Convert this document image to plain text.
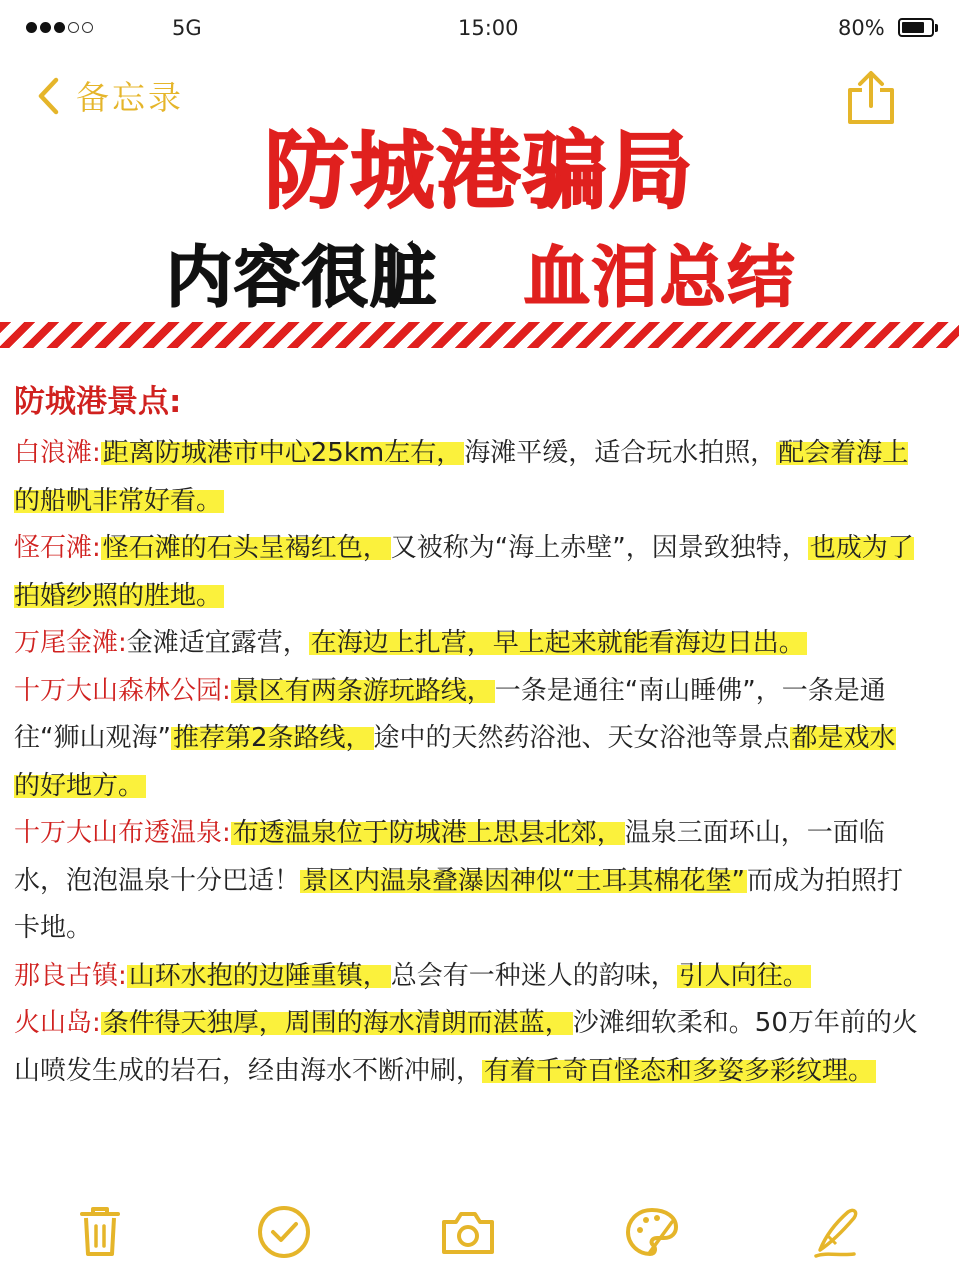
5G	15:00	80%
备忘录
防城港骗局
内容很脏 血泪总结
防城港景点:

白浪滩:距离防城港市中心25km左右，海滩平缓，适合玩水拍照，配会着海上的船帆非常好看。

怪石滩:怪石滩的石头呈褐红色，又被称为“海上赤壁”，因景致独特，也成为了拍婚纱照的胜地。

万尾金滩:金滩适宜露营，在海边上扎营，早上起来就能看海边日出。

十万大山森林公园:景区有两条游玩路线，一条是通往“南山睡佛”，一条是通往“狮山观海”推荐第2条路线，途中的天然药浴池、天女浴池等景点都是戏水的好地方。

十万大山布透温泉:布透温泉位于防城港上思县北郊，温泉三面环山，一面临水，泡泡温泉十分巴适！景区内温泉叠瀑因神似“土耳其棉花堡”而成为拍照打卡地。

那良古镇:山环水抱的边陲重镇，总会有一种迷人的韵味，引人向往。

火山岛:条件得天独厚，周围的海水清朗而湛蓝，沙滩细软柔和。50万年前的火山喷发生成的岩石，经由海水不断冲刷，有着千奇百怪态和多姿多彩纹理。
